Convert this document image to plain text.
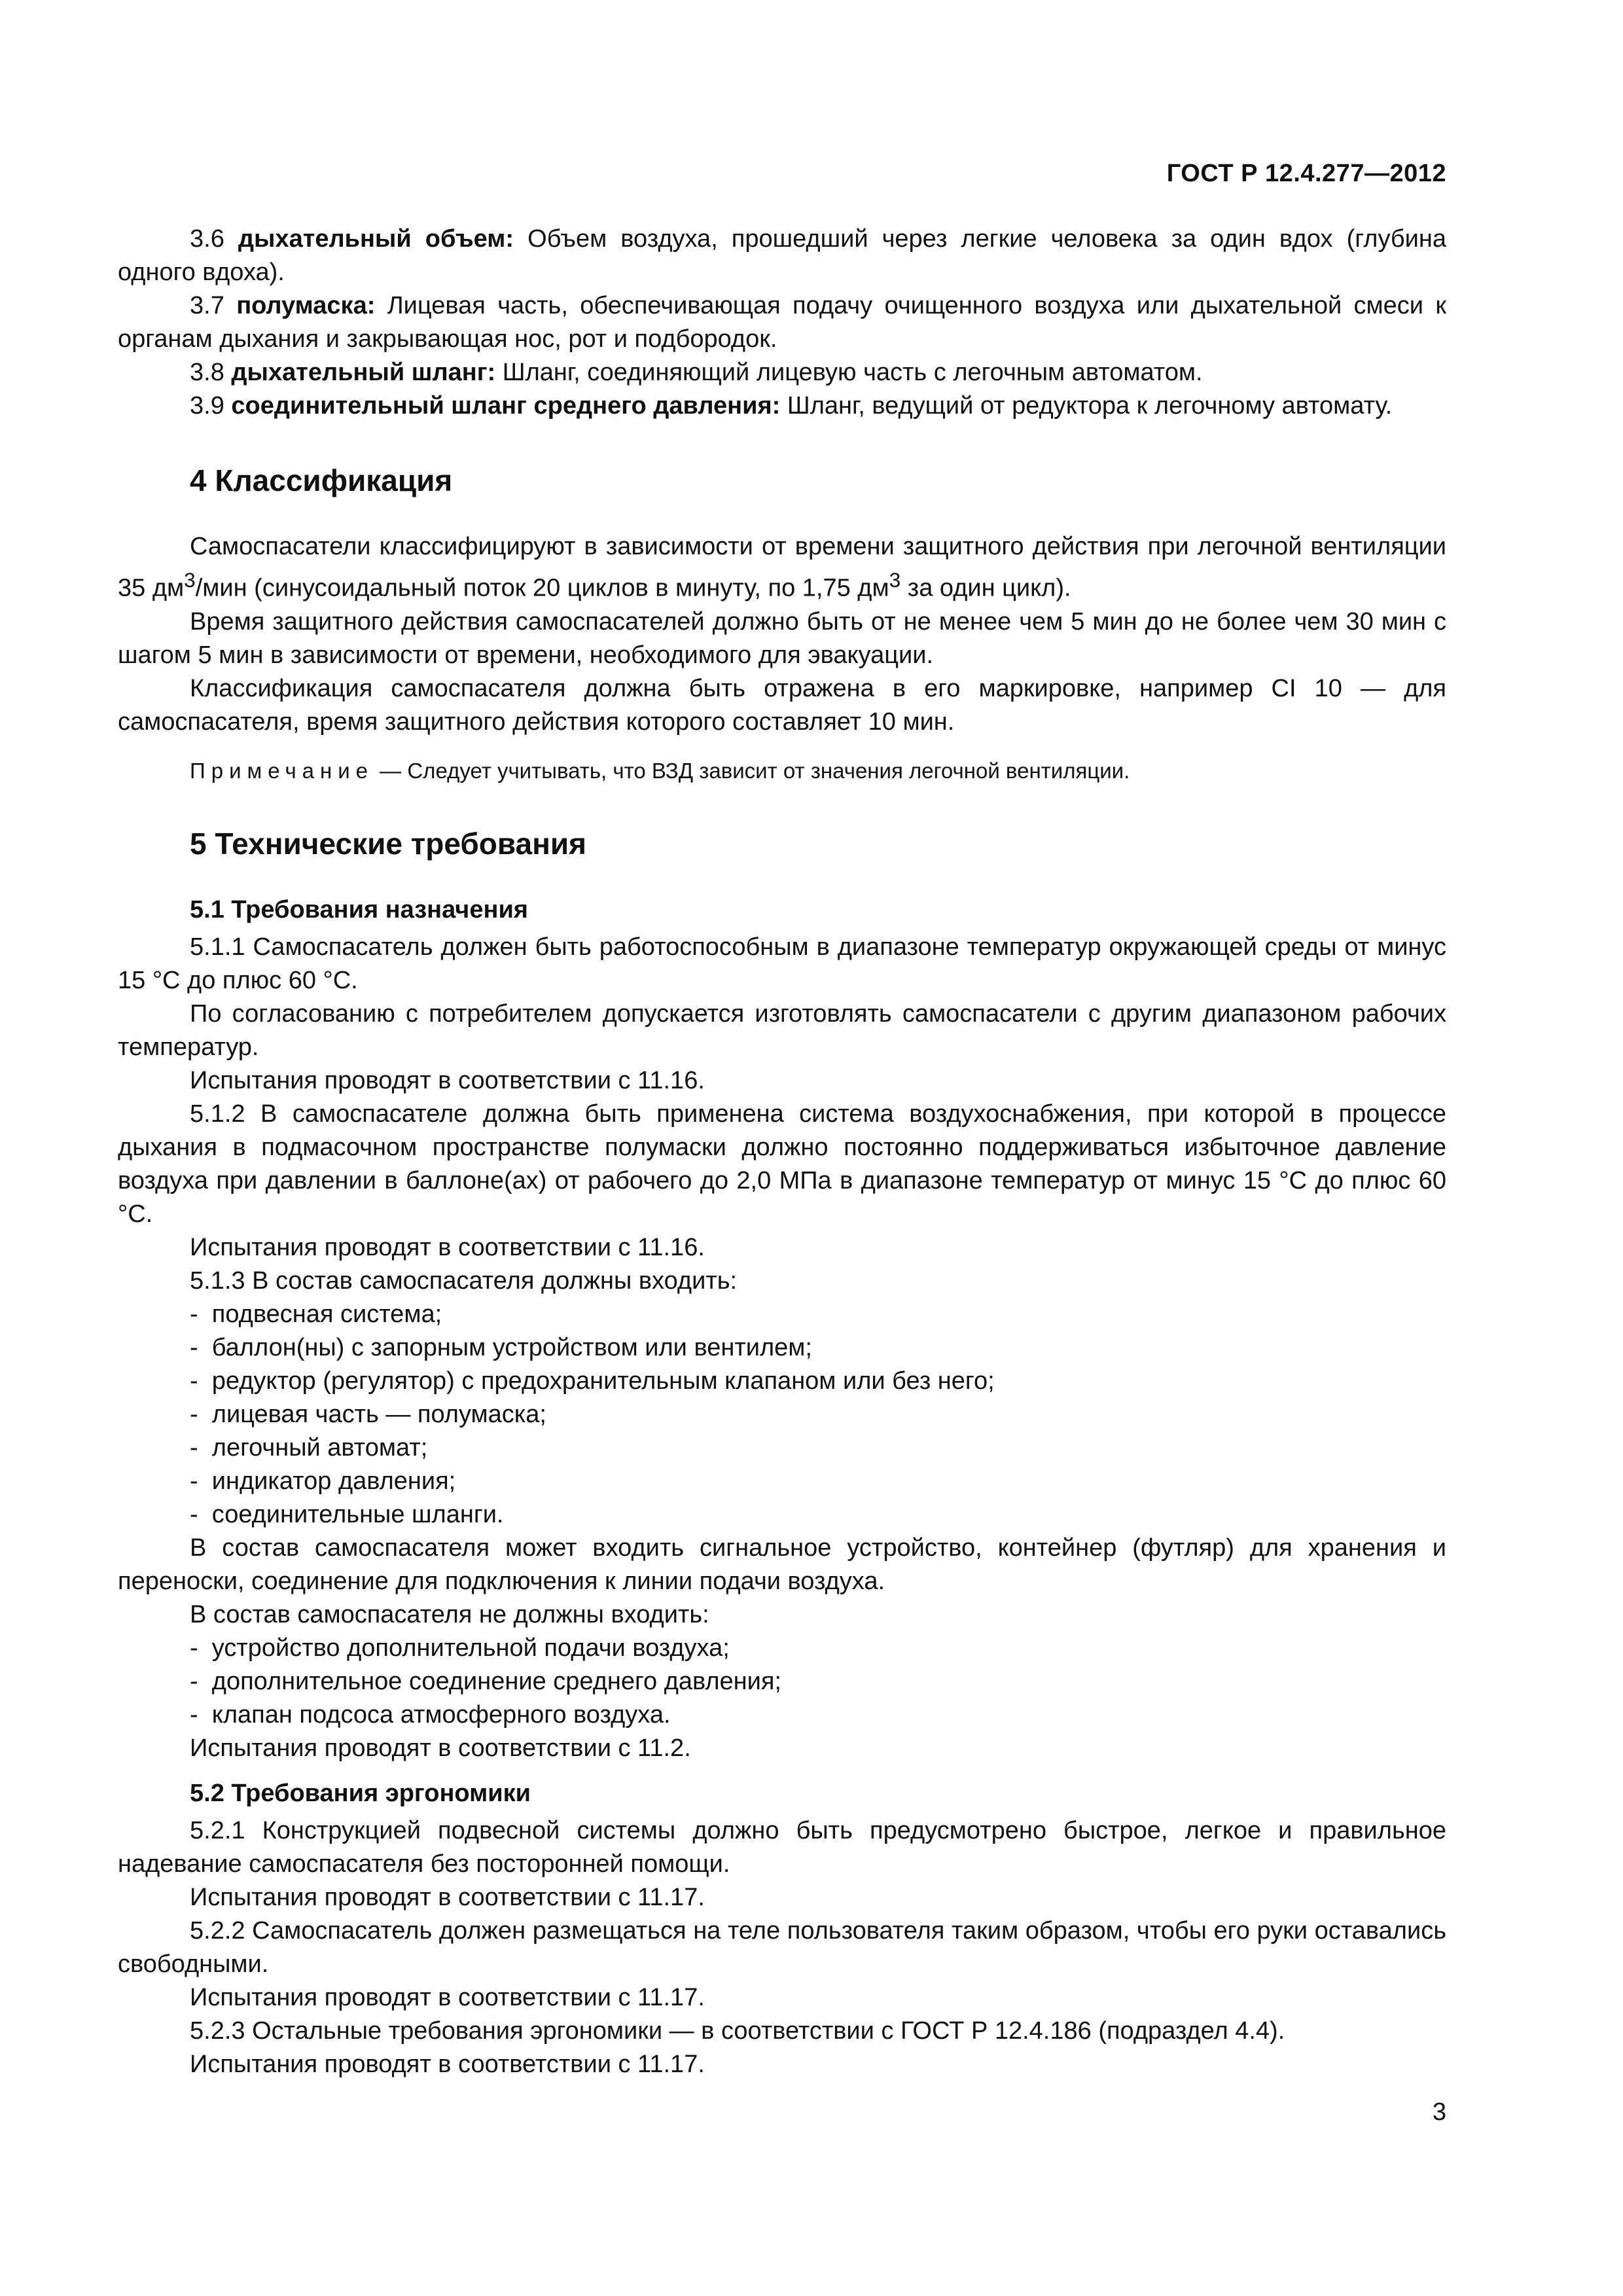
ГОСТ Р 12.4.277—2012

3.6 дыхательный объем: Объем воздуха, прошедший через легкие человека за один вдох (глубина одного вдоха).

3.7 полумаска: Лицевая часть, обеспечивающая подачу очищенного воздуха или дыхательной смеси к органам дыхания и закрывающая нос, рот и подбородок.

3.8 дыхательный шланг: Шланг, соединяющий лицевую часть с легочным автоматом.

3.9 соединительный шланг среднего давления: Шланг, ведущий от редуктора к легочному автомату.

4 Классификация

Самоспасатели классифицируют в зависимости от времени защитного действия при легочной вентиляции 35 $дм^3$/мин (синусоидальный поток 20 циклов в минуту, по 1,75 $дм^3$ за один цикл).

Время защитного действия самоспасателей должно быть от не менее чем 5 мин до не более чем 30 мин с шагом 5 мин в зависимости от времени, необходимого для эвакуации.

Классификация самоспасателя должна быть отражена в его маркировке, например CI 10 — для самоспасателя, время защитного действия которого составляет 10 мин.

Примечание — Следует учитывать, что ВЗД зависит от значения легочной вентиляции.
5 Технические требования
5.1 Требования назначения

5.1.1 Самоспасатель должен быть работоспособным в диапазоне температур окружающей среды от минус 15 °С до плюс 60 °С.

По согласованию с потребителем допускается изготовлять самоспасатели с другим диапазоном рабочих температур.

Испытания проводят в соответствии с 11.16.

5.1.2 В самоспасателе должна быть применена система воздухоснабжения, при которой в процессе дыхания в подмасочном пространстве полумаски должно постоянно поддерживаться избыточное давление воздуха при давлении в баллоне(ах) от рабочего до 2,0 МПа в диапазоне температур от минус 15 °С до плюс 60 °С.

Испытания проводят в соответствии с 11.16.

5.1.3 В состав самоспасателя должны входить:

-  подвесная система;
-  баллон(ны) с запорным устройством или вентилем;
-  редуктор (регулятор) с предохранительным клапаном или без него;
-  лицевая часть — полумаска;
-  легочный автомат;
-  индикатор давления;
-  соединительные шланги.

В состав самоспасателя может входить сигнальное устройство, контейнер (футляр) для хранения и переноски, соединение для подключения к линии подачи воздуха.

В состав самоспасателя не должны входить:

-  устройство дополнительной подачи воздуха;
-  дополнительное соединение среднего давления;
-  клапан подсоса атмосферного воздуха.

Испытания проводят в соответствии с 11.2.

5.2 Требования эргономики

5.2.1 Конструкцией подвесной системы должно быть предусмотрено быстрое, легкое и правильное надевание самоспасателя без посторонней помощи.

Испытания проводят в соответствии с 11.17.

5.2.2 Самоспасатель должен размещаться на теле пользователя таким образом, чтобы его руки оставались свободными.

Испытания проводят в соответствии с 11.17.

5.2.3 Остальные требования эргономики — в соответствии с ГОСТ Р 12.4.186 (подраздел 4.4).

Испытания проводят в соответствии с 11.17.

3
